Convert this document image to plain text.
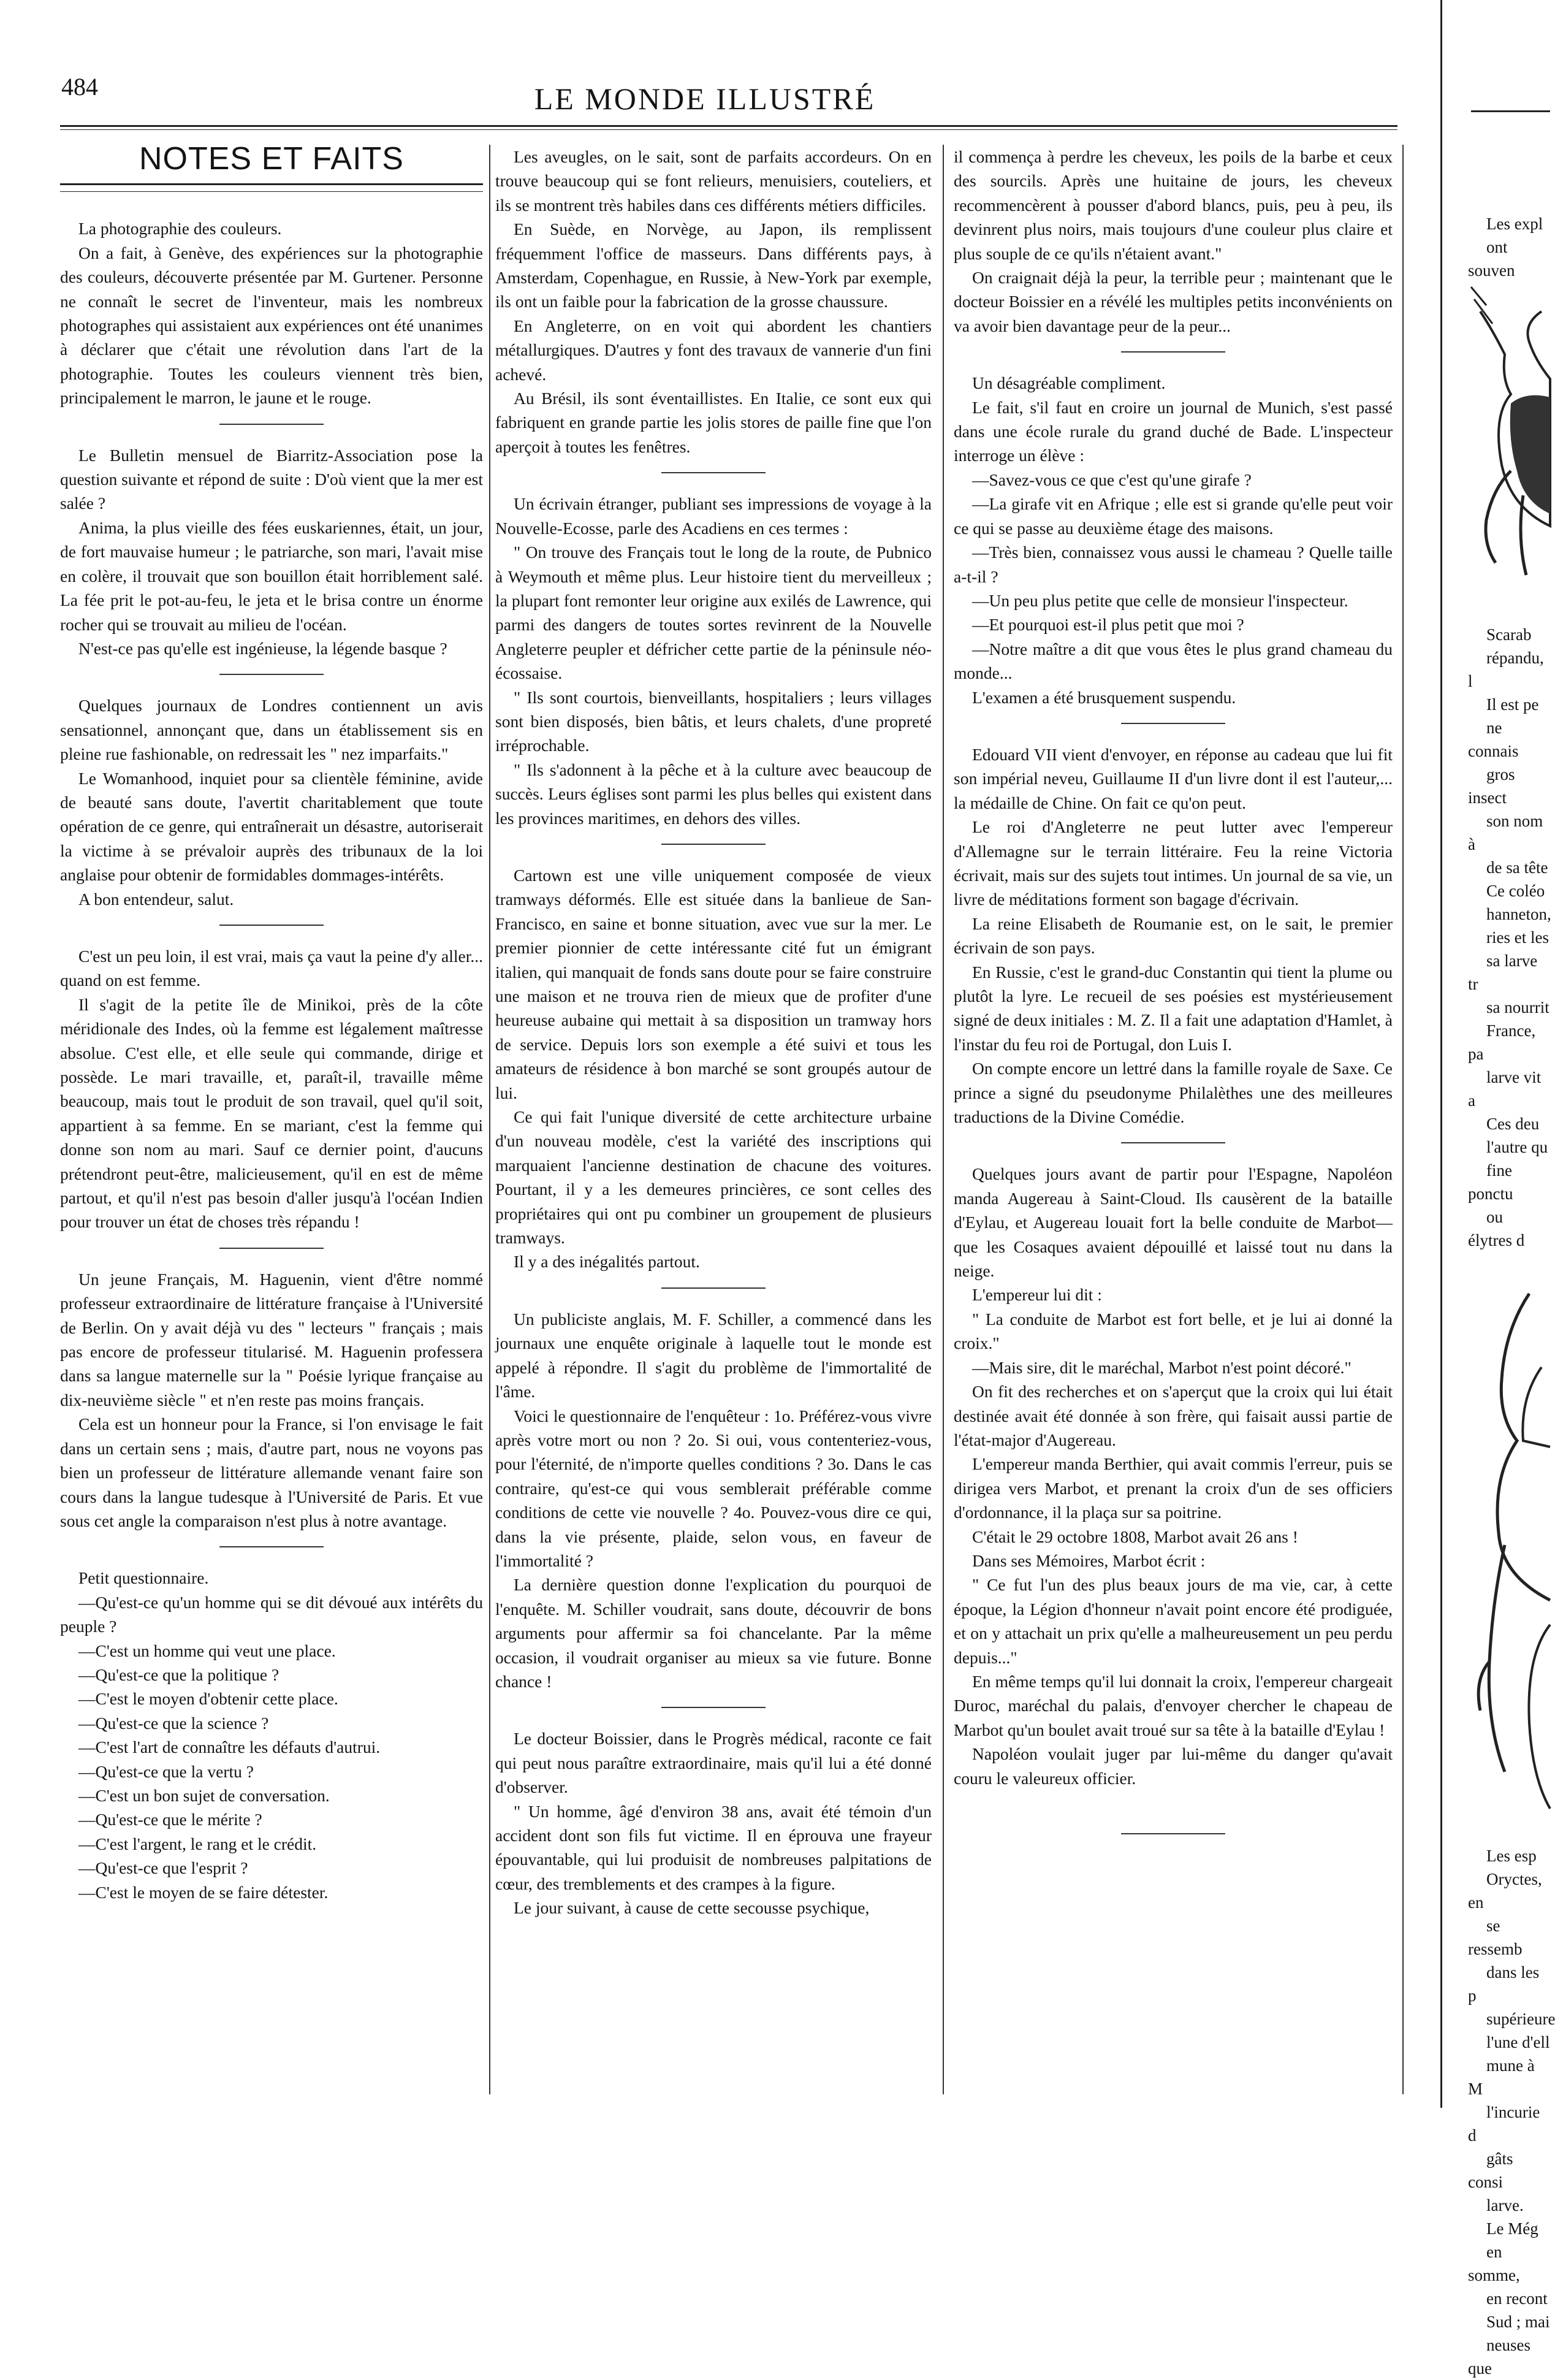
484	LE MONDE ILLUSTRÉ
NOTES ET FAITS

La photographie des couleurs.

On a fait, à Genève, des expériences sur la photographie des couleurs, découverte présentée par M. Gurtener. Personne ne connaît le secret de l'inventeur, mais les nombreux photographes qui assistaient aux expériences ont été unanimes à déclarer que c'était une révolution dans l'art de la photographie. Toutes les couleurs viennent très bien, principalement le marron, le jaune et le rouge.

Le Bulletin mensuel de Biarritz-Association pose la question suivante et répond de suite : D'où vient que la mer est salée ?

Anima, la plus vieille des fées euskariennes, était, un jour, de fort mauvaise humeur ; le patriarche, son mari, l'avait mise en colère, il trouvait que son bouillon était horriblement salé. La fée prit le pot-au-feu, le jeta et le brisa contre un énorme rocher qui se trouvait au milieu de l'océan.

N'est-ce pas qu'elle est ingénieuse, la légende basque ?

Quelques journaux de Londres contiennent un avis sensationnel, annonçant que, dans un établissement sis en pleine rue fashionable, on redressait les " nez imparfaits."

Le Womanhood, inquiet pour sa clientèle féminine, avide de beauté sans doute, l'avertit charitablement que toute opération de ce genre, qui entraînerait un désastre, autoriserait la victime à se prévaloir auprès des tribunaux de la loi anglaise pour obtenir de formidables dommages-intérêts.

A bon entendeur, salut.

C'est un peu loin, il est vrai, mais ça vaut la peine d'y aller... quand on est femme.

Il s'agit de la petite île de Minikoi, près de la côte méridionale des Indes, où la femme est légalement maîtresse absolue. C'est elle, et elle seule qui commande, dirige et possède. Le mari travaille, et, paraît-il, travaille même beaucoup, mais tout le produit de son travail, quel qu'il soit, appartient à sa femme. En se mariant, c'est la femme qui donne son nom au mari. Sauf ce dernier point, d'aucuns prétendront peut-être, malicieusement, qu'il en est de même partout, et qu'il n'est pas besoin d'aller jusqu'à l'océan Indien pour trouver un état de choses très répandu !

Un jeune Français, M. Haguenin, vient d'être nommé professeur extraordinaire de littérature française à l'Université de Berlin. On y avait déjà vu des " lecteurs " français ; mais pas encore de professeur titularisé. M. Haguenin professera dans sa langue maternelle sur la " Poésie lyrique française au dix-neuvième siècle " et n'en reste pas moins français.

Cela est un honneur pour la France, si l'on envisage le fait dans un certain sens ; mais, d'autre part, nous ne voyons pas bien un professeur de littérature allemande venant faire son cours dans la langue tudesque à l'Université de Paris. Et vue sous cet angle la comparaison n'est plus à notre avantage.

Petit questionnaire.

—Qu'est-ce qu'un homme qui se dit dévoué aux intérêts du peuple ?

—C'est un homme qui veut une place.

—Qu'est-ce que la politique ?

—C'est le moyen d'obtenir cette place.

—Qu'est-ce que la science ?

—C'est l'art de connaître les défauts d'autrui.

—Qu'est-ce que la vertu ?

—C'est un bon sujet de conversation.

—Qu'est-ce que le mérite ?

—C'est l'argent, le rang et le crédit.

—Qu'est-ce que l'esprit ?

—C'est le moyen de se faire détester.

Les aveugles, on le sait, sont de parfaits accordeurs. On en trouve beaucoup qui se font relieurs, menuisiers, couteliers, et ils se montrent très habiles dans ces différents métiers difficiles.

En Suède, en Norvège, au Japon, ils remplissent fréquemment l'office de masseurs. Dans différents pays, à Amsterdam, Copenhague, en Russie, à New-York par exemple, ils ont un faible pour la fabrication de la grosse chaussure.

En Angleterre, on en voit qui abordent les chantiers métallurgiques. D'autres y font des travaux de vannerie d'un fini achevé.

Au Brésil, ils sont éventaillistes. En Italie, ce sont eux qui fabriquent en grande partie les jolis stores de paille fine que l'on aperçoit à toutes les fenêtres.

Un écrivain étranger, publiant ses impressions de voyage à la Nouvelle-Ecosse, parle des Acadiens en ces termes :

" On trouve des Français tout le long de la route, de Pubnico à Weymouth et même plus. Leur histoire tient du merveilleux ; la plupart font remonter leur origine aux exilés de Lawrence, qui parmi des dangers de toutes sortes revinrent de la Nouvelle Angleterre peupler et défricher cette partie de la péninsule néo-écossaise.

" Ils sont courtois, bienveillants, hospitaliers ; leurs villages sont bien disposés, bien bâtis, et leurs chalets, d'une propreté irréprochable.

" Ils s'adonnent à la pêche et à la culture avec beaucoup de succès. Leurs églises sont parmi les plus belles qui existent dans les provinces maritimes, en dehors des villes.

Cartown est une ville uniquement composée de vieux tramways déformés. Elle est située dans la banlieue de San-Francisco, en saine et bonne situation, avec vue sur la mer. Le premier pionnier de cette intéressante cité fut un émigrant italien, qui manquait de fonds sans doute pour se faire construire une maison et ne trouva rien de mieux que de profiter d'une heureuse aubaine qui mettait à sa disposition un tramway hors de service. Depuis lors son exemple a été suivi et tous les amateurs de résidence à bon marché se sont groupés autour de lui.

Ce qui fait l'unique diversité de cette architecture urbaine d'un nouveau modèle, c'est la variété des inscriptions qui marquaient l'ancienne destination de chacune des voitures. Pourtant, il y a les demeures princières, ce sont celles des propriétaires qui ont pu combiner un groupement de plusieurs tramways.

Il y a des inégalités partout.

Un publiciste anglais, M. F. Schiller, a commencé dans les journaux une enquête originale à laquelle tout le monde est appelé à répondre. Il s'agit du problème de l'immortalité de l'âme.

Voici le questionnaire de l'enquêteur : 1o. Préférez-vous vivre après votre mort ou non ? 2o. Si oui, vous contenteriez-vous, pour l'éternité, de n'importe quelles conditions ? 3o. Dans le cas contraire, qu'est-ce qui vous semblerait préférable comme conditions de cette vie nouvelle ? 4o. Pouvez-vous dire ce qui, dans la vie présente, plaide, selon vous, en faveur de l'immortalité ?

La dernière question donne l'explication du pourquoi de l'enquête. M. Schiller voudrait, sans doute, découvrir de bons arguments pour affermir sa foi chancelante. Par la même occasion, il voudrait organiser au mieux sa vie future. Bonne chance !

Le docteur Boissier, dans le Progrès médical, raconte ce fait qui peut nous paraître extraordinaire, mais qu'il lui a été donné d'observer.

" Un homme, âgé d'environ 38 ans, avait été témoin d'un accident dont son fils fut victime. Il en éprouva une frayeur épouvantable, qui lui produisit de nombreuses palpitations de cœur, des tremblements et des crampes à la figure.

Le jour suivant, à cause de cette secousse psychique,

il commença à perdre les cheveux, les poils de la barbe et ceux des sourcils. Après une huitaine de jours, les cheveux recommencèrent à pousser d'abord blancs, puis, peu à peu, ils devinrent plus noirs, mais toujours d'une couleur plus claire et plus souple de ce qu'ils n'étaient avant."

On craignait déjà la peur, la terrible peur ; maintenant que le docteur Boissier en a révélé les multiples petits inconvénients on va avoir bien davantage peur de la peur...

Un désagréable compliment.

Le fait, s'il faut en croire un journal de Munich, s'est passé dans une école rurale du grand duché de Bade. L'inspecteur interroge un élève :

—Savez-vous ce que c'est qu'une girafe ?

—La girafe vit en Afrique ; elle est si grande qu'elle peut voir ce qui se passe au deuxième étage des maisons.

—Très bien, connaissez vous aussi le chameau ? Quelle taille a-t-il ?

—Un peu plus petite que celle de monsieur l'inspecteur.

—Et pourquoi est-il plus petit que moi ?

—Notre maître a dit que vous êtes le plus grand chameau du monde...

L'examen a été brusquement suspendu.

Edouard VII vient d'envoyer, en réponse au cadeau que lui fit son impérial neveu, Guillaume II d'un livre dont il est l'auteur,... la médaille de Chine. On fait ce qu'on peut.

Le roi d'Angleterre ne peut lutter avec l'empereur d'Allemagne sur le terrain littéraire. Feu la reine Victoria écrivait, mais sur des sujets tout intimes. Un journal de sa vie, un livre de méditations forment son bagage d'écrivain.

La reine Elisabeth de Roumanie est, on le sait, le premier écrivain de son pays.

En Russie, c'est le grand-duc Constantin qui tient la plume ou plutôt la lyre. Le recueil de ses poésies est mystérieusement signé de deux initiales : M. Z. Il a fait une adaptation d'Hamlet, à l'instar du feu roi de Portugal, don Luis I.

On compte encore un lettré dans la famille royale de Saxe. Ce prince a signé du pseudonyme Philalèthes une des meilleures traductions de la Divine Comédie.

Quelques jours avant de partir pour l'Espagne, Napoléon manda Augereau à Saint-Cloud. Ils causèrent de la bataille d'Eylau, et Augereau louait fort la belle conduite de Marbot—que les Cosaques avaient dépouillé et laissé tout nu dans la neige.

L'empereur lui dit :

" La conduite de Marbot est fort belle, et je lui ai donné la croix."

—Mais sire, dit le maréchal, Marbot n'est point décoré."

On fit des recherches et on s'aperçut que la croix qui lui était destinée avait été donnée à son frère, qui faisait aussi partie de l'état-major d'Augereau.

L'empereur manda Berthier, qui avait commis l'erreur, puis se dirigea vers Marbot, et prenant la croix d'un de ses officiers d'ordonnance, il la plaça sur sa poitrine.

C'était le 29 octobre 1808, Marbot avait 26 ans !

Dans ses Mémoires, Marbot écrit :

" Ce fut l'un des plus beaux jours de ma vie, car, à cette époque, la Légion d'honneur n'avait point encore été prodiguée, et on y attachait un prix qu'elle a malheureusement un peu perdu depuis..."

En même temps qu'il lui donnait la croix, l'empereur chargeait Duroc, maréchal du palais, d'envoyer chercher le chapeau de Marbot qu'un boulet avait troué sur sa tête à la bataille d'Eylau !

Napoléon voulait juger par lui-même du danger qu'avait couru le valeureux officier.

Les expl

ont souven

Scarab

répandu, l

Il est pe

ne connais

gros insect

son nom à

de sa tête

Ce coléo

hanneton,

ries et les

sa larve tr

sa nourrit

France, pa

larve vit a

Ces deu

l'autre qu

fine ponctu

ou élytres d

Les esp

Oryctes, en

se ressemb

dans les p

supérieure

l'une d'ell

mune à M

l'incurie d

gâts consi

larve.

Le Még

en somme,

en recont

Sud ; mai

neuses que
